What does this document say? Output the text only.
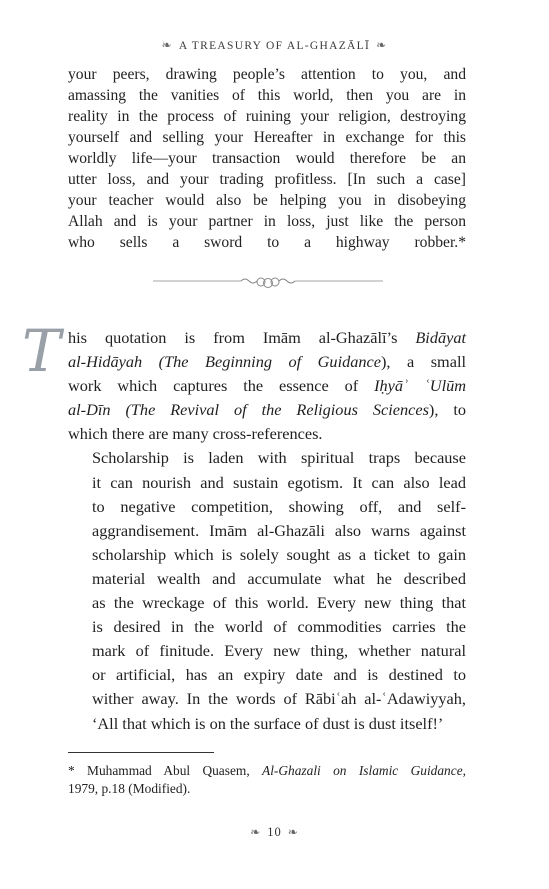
❧ A TREASURY OF AL-GHAZĀLĪ ❧
your peers, drawing people’s attention to you, and
amassing the vanities of this world, then you are in
reality in the process of ruining your religion, destroying
yourself and selling your Hereafter in exchange for this
worldly life—your transaction would therefore be an
utter loss, and your trading profitless. [In such a case]
your teacher would also be helping you in disobeying
Allah and is your partner in loss, just like the person
who sells a sword to a highway robber.*

T his quotation is from Imām al-Ghazālī’s Bidāyat
al-Hidāyah (The Beginning of Guidance), a small
work which captures the essence of Iḥyāʾ ʿUlūm
al-Dīn (The Revival of the Religious Sciences), to
which there are many cross-references.

Scholarship is laden with spiritual traps because
it can nourish and sustain egotism. It can also lead
to negative competition, showing off, and self-
aggrandisement. Imām al-Ghazāli also warns against
scholarship which is solely sought as a ticket to gain
material wealth and accumulate what he described
as the wreckage of this world. Every new thing that
is desired in the world of commodities carries the
mark of finitude. Every new thing, whether natural
or artificial, has an expiry date and is destined to
wither away. In the words of Rābiʿah al-ʿAdawiyyah,
‘All that which is on the surface of dust is dust itself!’

* Muhammad Abul Quasem, Al-Ghazali on Islamic Guidance,
1979, p.18 (Modified).
❧ 10 ❧
